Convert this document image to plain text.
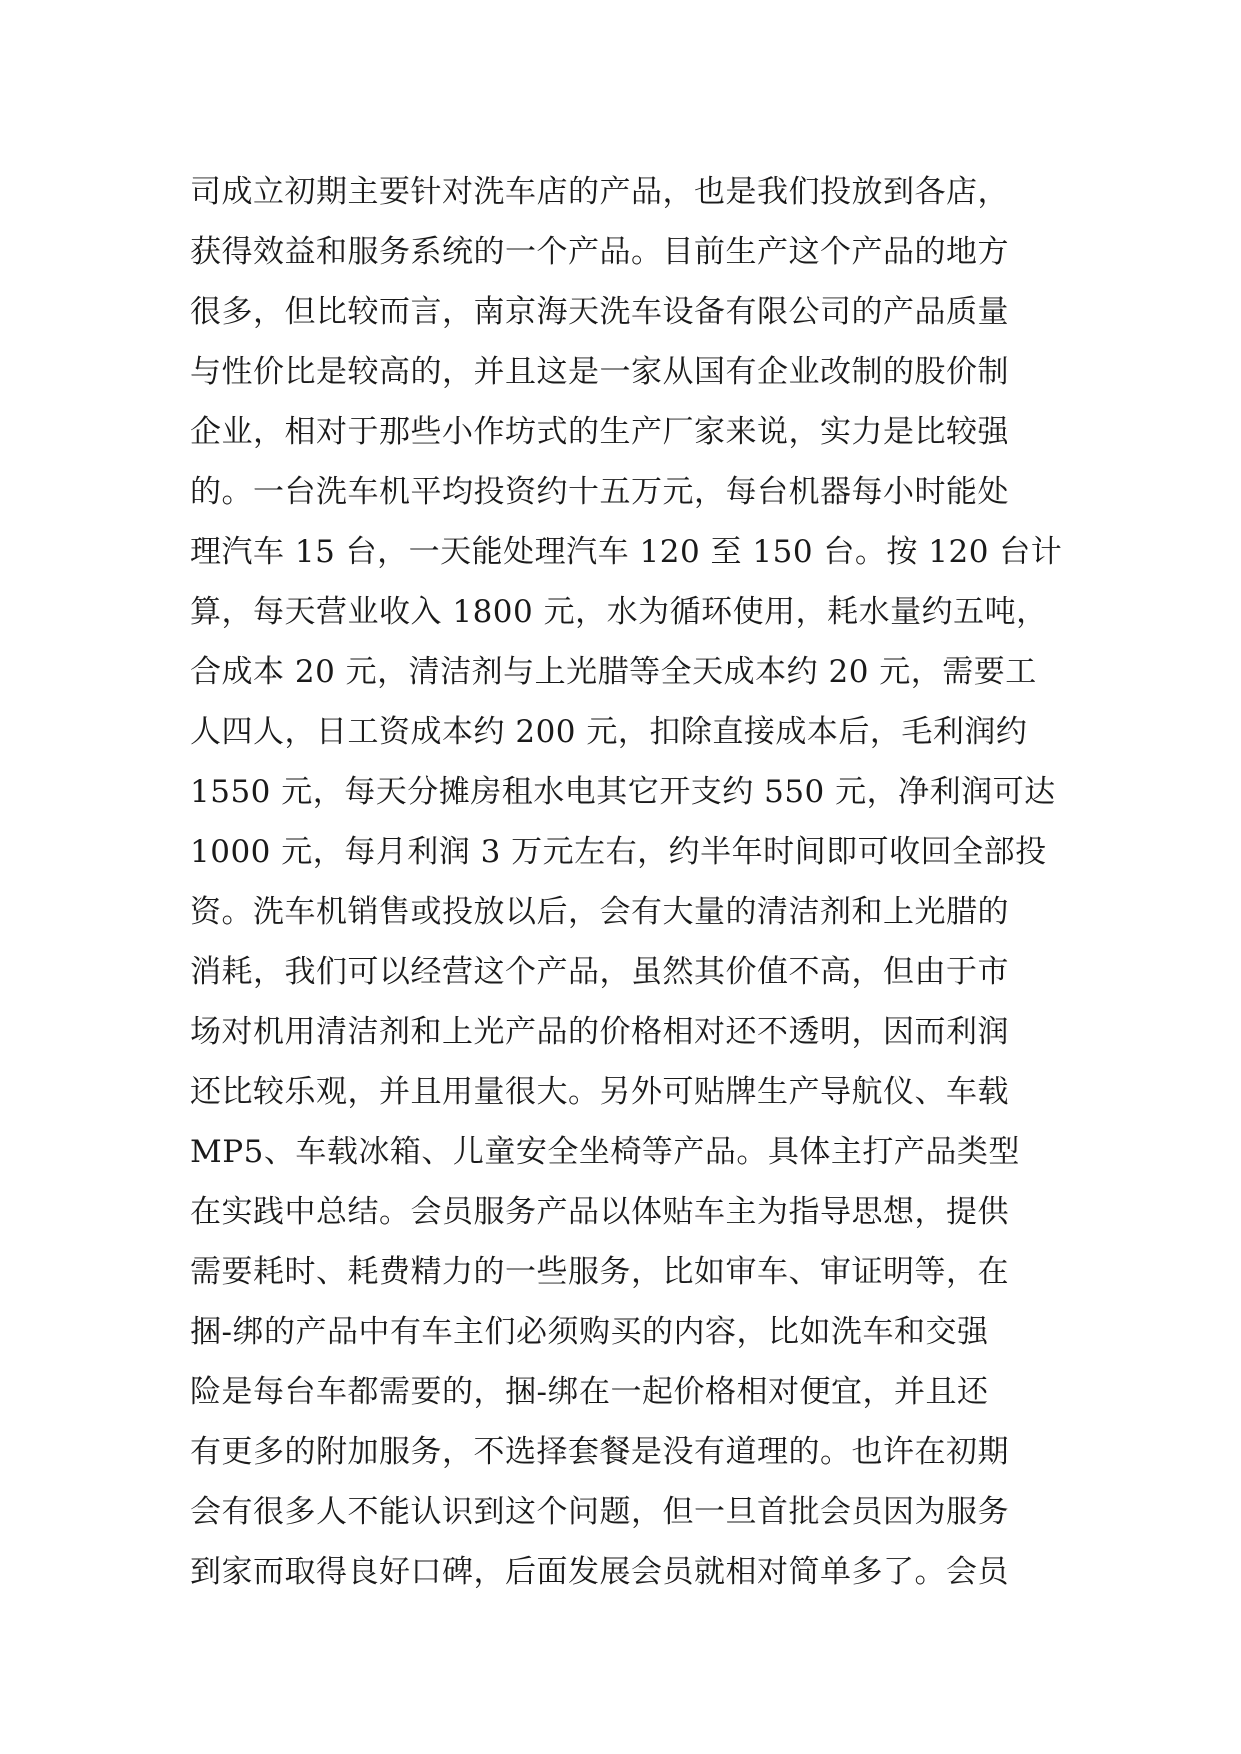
司成立初期主要针对洗车店的产品，也是我们投放到各店，
获得效益和服务系统的一个产品。目前生产这个产品的地方
很多，但比较而言，南京海天洗车设备有限公司的产品质量
与性价比是较高的，并且这是一家从国有企业改制的股价制
企业，相对于那些小作坊式的生产厂家来说，实力是比较强
的。一台洗车机平均投资约十五万元，每台机器每小时能处
理汽车 15 台，一天能处理汽车 120 至 150 台。按 120 台计
算，每天营业收入 1800 元，水为循环使用，耗水量约五吨，
合成本 20 元，清洁剂与上光腊等全天成本约 20 元，需要工
人四人，日工资成本约 200 元，扣除直接成本后，毛利润约
1550 元，每天分摊房租水电其它开支约 550 元，净利润可达
1000 元，每月利润 3 万元左右，约半年时间即可收回全部投
资。洗车机销售或投放以后，会有大量的清洁剂和上光腊的
消耗，我们可以经营这个产品，虽然其价值不高，但由于市
场对机用清洁剂和上光产品的价格相对还不透明，因而利润
还比较乐观，并且用量很大。另外可贴牌生产导航仪、车载
MP5、车载冰箱、儿童安全坐椅等产品。具体主打产品类型
在实践中总结。会员服务产品以体贴车主为指导思想，提供
需要耗时、耗费精力的一些服务，比如审车、审证明等，在
捆-绑的产品中有车主们必须购买的内容，比如洗车和交强
险是每台车都需要的，捆-绑在一起价格相对便宜，并且还
有更多的附加服务，不选择套餐是没有道理的。也许在初期
会有很多人不能认识到这个问题，但一旦首批会员因为服务
到家而取得良好口碑，后面发展会员就相对简单多了。会员
